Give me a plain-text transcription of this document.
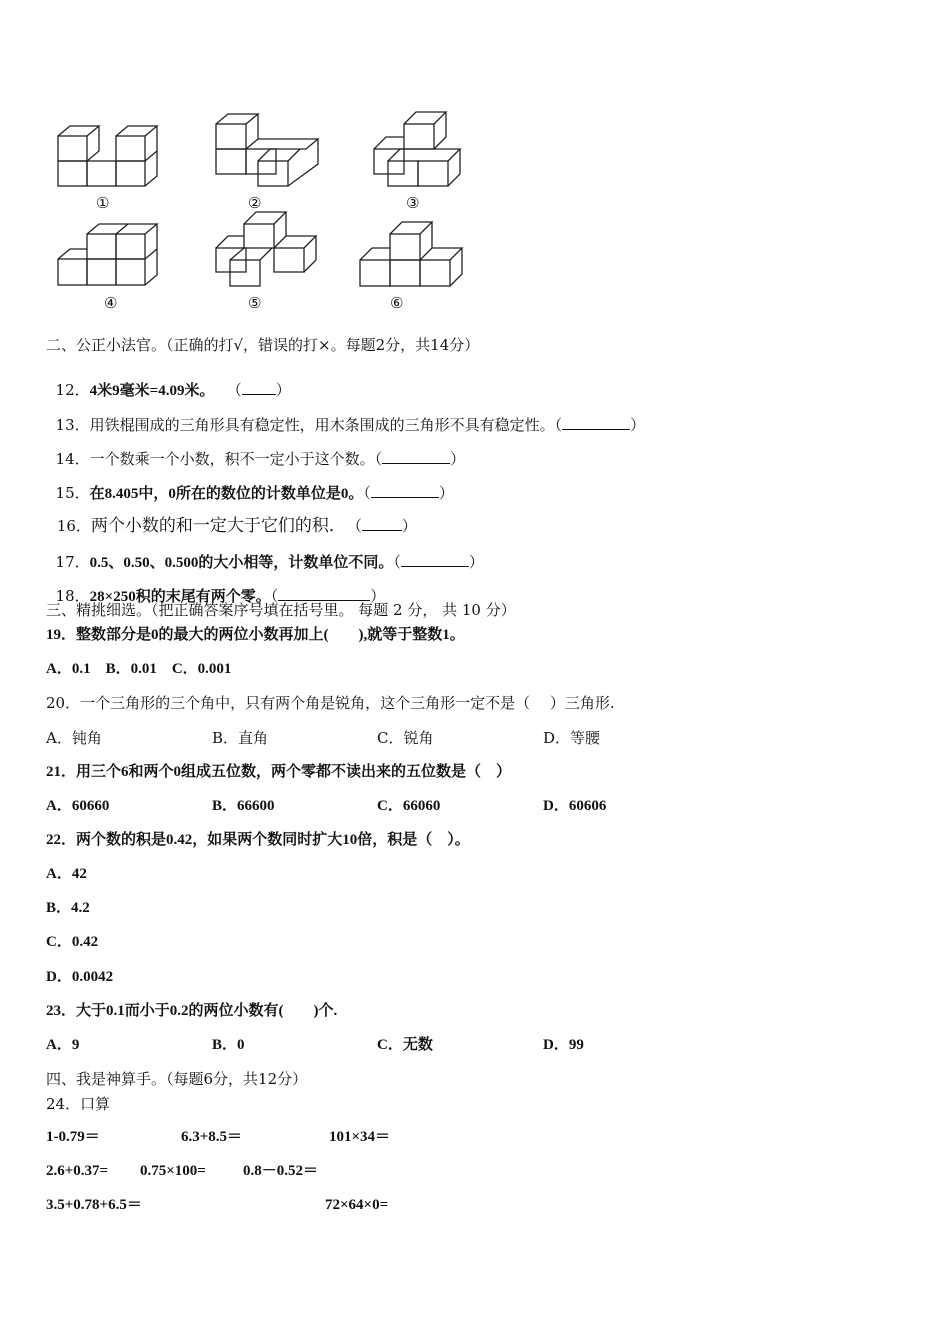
①	②	③
④	⑤	⑥
二、公正小法官。（正确的打√，错误的打×。每题2分，共14分）

12．4米9毫米=4.09米。　 （ ）

13．用铁棍围成的三角形具有稳定性，用木条围成的三角形不具有稳定性。（	）

14．一个数乘一个小数，积不一定小于这个数。（	）

15．在8.405中，0所在的数位的计数单位是0。（	）

16．两个小数的和一定大于它们的积．　 （	）

17．0.5、0.50、0.500的大小相等，计数单位不同。（	）

18．28×250积的末尾有两个零。（	）

三、精挑细选。（把正确答案序号填在括号里。 每题 2 分， 共 10 分）
19．整数部分是0的最大的两位小数再加上(　　),就等于整数1。
A．0.1　B．0.01　C．0.001
20．一个三角形的三个角中，只有两个角是锐角，这个三角形一定不是（　 ）三角形.
A．钝角	B．直角	C．锐角	D．等腰
21．用三个6和两个0组成五位数，两个零都不读出来的五位数是（　）
A．60660	B．66600	C．66060	D．60606
22．两个数的积是0.42，如果两个数同时扩大10倍，积是（　）。
A．42
B．4.2
C．0.42
D．0.0042
23．大于0.1而小于0.2的两位小数有(　　)个.
A．9	B．0	C．无数	D．99
四、我是神算手。（每题6分，共12分）
24．口算
1-0.79＝	6.3+8.5＝	101×34＝
2.6+0.37= 0.75×100= 0.8－0.52＝
3.5+0.78+6.5＝	72×64×0=
